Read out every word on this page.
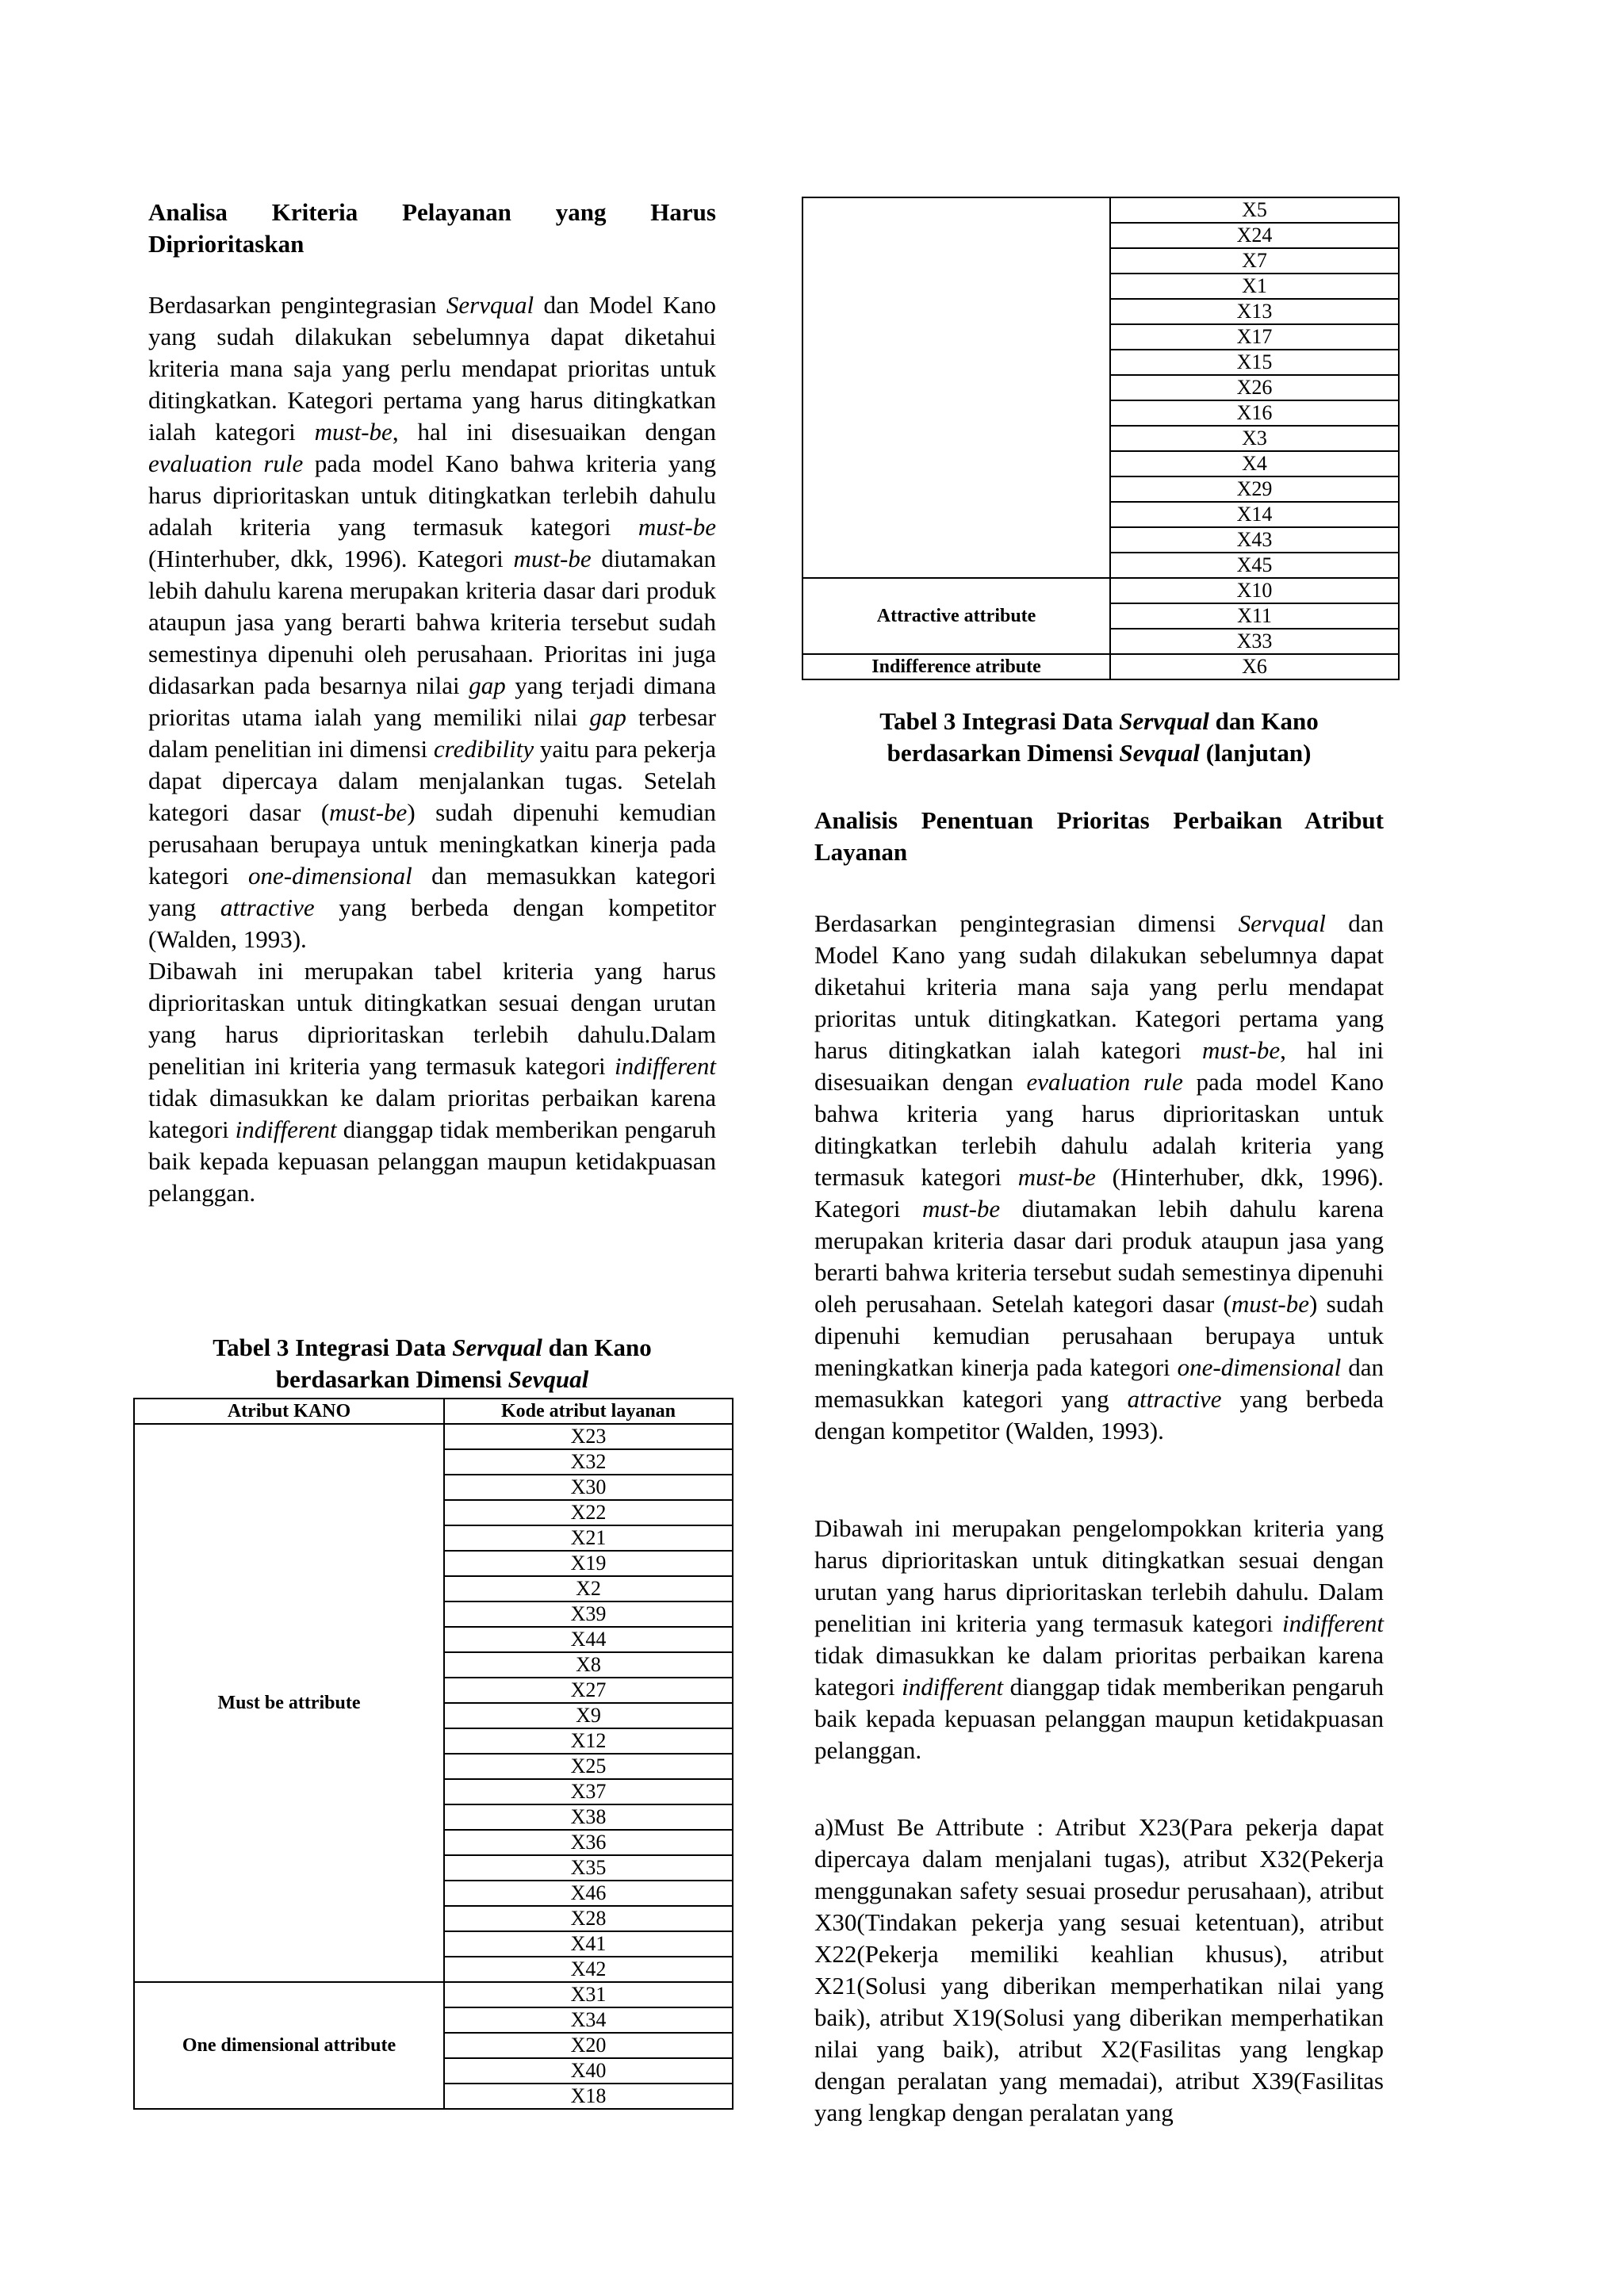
Analisa Kriteria Pelayanan yang Harus Diprioritaskan

Berdasarkan pengintegrasian Servqual dan Model Kano yang sudah dilakukan sebelumnya dapat diketahui kriteria mana saja yang perlu mendapat prioritas untuk ditingkatkan. Kategori pertama yang harus ditingkatkan ialah kategori must-be, hal ini disesuaikan dengan evaluation rule pada model Kano bahwa kriteria yang harus diprioritaskan untuk ditingkatkan terlebih dahulu adalah kriteria yang termasuk kategori must-be (Hinterhuber, dkk, 1996). Kategori must-be diutamakan lebih dahulu karena merupakan kriteria dasar dari produk ataupun jasa yang berarti bahwa kriteria tersebut sudah semestinya dipenuhi oleh perusahaan. Prioritas ini juga didasarkan pada besarnya nilai gap yang terjadi dimana prioritas utama ialah yang memiliki nilai gap terbesar dalam penelitian ini dimensi credibility yaitu para pekerja dapat dipercaya dalam menjalankan tugas. Setelah kategori dasar (must-be) sudah dipenuhi kemudian perusahaan berupaya untuk meningkatkan kinerja pada kategori one-dimensional dan memasukkan kategori yang attractive yang berbeda dengan kompetitor (Walden, 1993).

Dibawah ini merupakan tabel kriteria yang harus diprioritaskan untuk ditingkatkan sesuai dengan urutan yang harus diprioritaskan terlebih dahulu.Dalam penelitian ini kriteria yang termasuk kategori indifferent tidak dimasukkan ke dalam prioritas perbaikan karena kategori indifferent dianggap tidak memberikan pengaruh baik kepada kepuasan pelanggan maupun ketidakpuasan pelanggan.

Tabel 3 Integrasi Data Servqual dan Kano berdasarkan Dimensi Sevqual

Atribut KANO	Kode atribut layanan
Must be attribute	X23
	X32
	X30
	X22
	X21
	X19
	X2
	X39
	X44
	X8
	X27
	X9
	X12
	X25
	X37
	X38
	X36
	X35
	X46
	X28
	X41
	X42
One dimensional attribute	X31
	X34
	X20
	X40
	X18
	X5
	X24
	X7
	X1
	X13
	X17
	X15
	X26
	X16
	X3
	X4
	X29
	X14
	X43
	X45
Attractive attribute	X10
	X11
	X33
Indifference atribute	X6

Tabel 3 Integrasi Data Servqual dan Kano berdasarkan Dimensi Sevqual (lanjutan)

Analisis Penentuan Prioritas Perbaikan Atribut Layanan

Berdasarkan pengintegrasian dimensi Servqual dan Model Kano yang sudah dilakukan sebelumnya dapat diketahui kriteria mana saja yang perlu mendapat prioritas untuk ditingkatkan. Kategori pertama yang harus ditingkatkan ialah kategori must-be, hal ini disesuaikan dengan evaluation rule pada model Kano bahwa kriteria yang harus diprioritaskan untuk ditingkatkan terlebih dahulu adalah kriteria yang termasuk kategori must-be (Hinterhuber, dkk, 1996). Kategori must-be diutamakan lebih dahulu karena merupakan kriteria dasar dari produk ataupun jasa yang berarti bahwa kriteria tersebut sudah semestinya dipenuhi oleh perusahaan. Setelah kategori dasar (must-be) sudah dipenuhi kemudian perusahaan berupaya untuk meningkatkan kinerja pada kategori one-dimensional dan memasukkan kategori yang attractive yang berbeda dengan kompetitor (Walden, 1993).

Dibawah ini merupakan pengelompokkan kriteria yang harus diprioritaskan untuk ditingkatkan sesuai dengan urutan yang harus diprioritaskan terlebih dahulu. Dalam penelitian ini kriteria yang termasuk kategori indifferent tidak dimasukkan ke dalam prioritas perbaikan karena kategori indifferent dianggap tidak memberikan pengaruh baik kepada kepuasan pelanggan maupun ketidakpuasan pelanggan.

a)Must Be Attribute : Atribut X23(Para pekerja dapat dipercaya dalam menjalani tugas), atribut X32(Pekerja menggunakan safety sesuai prosedur perusahaan), atribut X30(Tindakan pekerja yang sesuai ketentuan), atribut X22(Pekerja memiliki keahlian khusus), atribut X21(Solusi yang diberikan memperhatikan nilai yang baik), atribut X19(Solusi yang diberikan memperhatikan nilai yang baik), atribut X2(Fasilitas yang lengkap dengan peralatan yang memadai), atribut X39(Fasilitas yang lengkap dengan peralatan yang
